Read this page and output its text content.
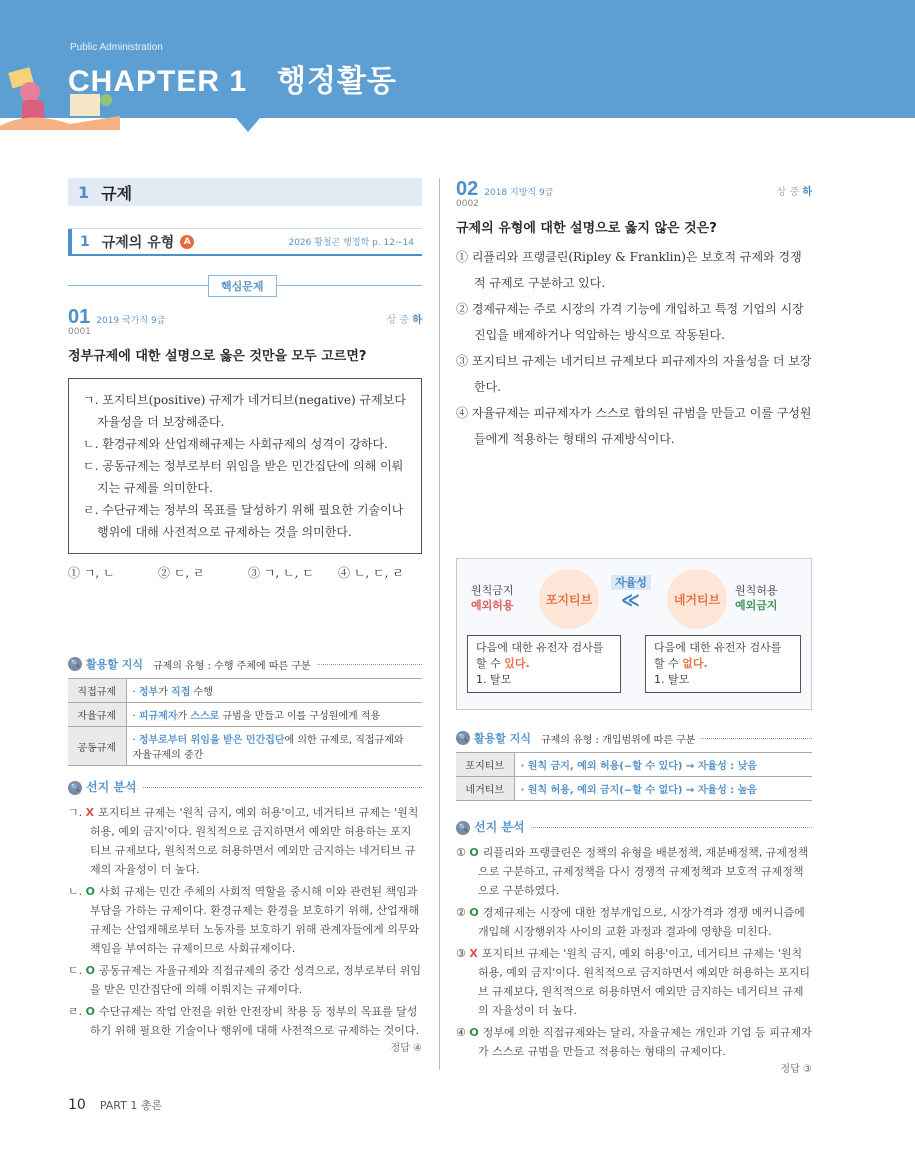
Public Administration
CHAPTER 1 행정활동
1 규제
1 규제의 유형	A	2026 황철곤 행정학 p. 12~14
핵심문제
01 2019 국가직 9급	상 중 하
0001
정부규제에 대한 설명으로 옳은 것만을 모두 고르면?
ㄱ. 포지티브(positive) 규제가 네거티브(negative) 규제보다 자율성을 더 보장해준다.
ㄴ. 환경규제와 산업재해규제는 사회규제의 성격이 강하다.
ㄷ. 공동규제는 정부로부터 위임을 받은 민간집단에 의해 이뤄지는 규제를 의미한다.
ㄹ. 수단규제는 정부의 목표를 달성하기 위해 필요한 기술이나 행위에 대해 사전적으로 규제하는 것을 의미한다.
① ㄱ, ㄴ	② ㄷ, ㄹ	③ ㄱ, ㄴ, ㄷ ④ ㄴ, ㄷ, ㄹ
🔍 활용할 지식 규제의 유형 : 수행 주체에 따른 구분
직접규제	· 정부가 직접 수행
자율규제	· 피규제자가 스스로 규범을 만들고 이를 구성원에게 적용
공동규제	· 정부로부터 위임을 받은 민간집단에 의한 규제로, 직접규제와 자율규제의 중간
🔍 선지 분석
ㄱ. X 포지티브 규제는 '원칙 금지, 예외 허용'이고, 네거티브 규제는 '원칙 허용, 예외 금지'이다. 원칙적으로 금지하면서 예외만 허용하는 포지티브 규제보다, 원칙적으로 허용하면서 예외만 금지하는 네거티브 규제의 자율성이 더 높다.
ㄴ. O 사회 규제는 민간 주체의 사회적 역할을 중시해 이와 관련된 책임과 부담을 가하는 규제이다. 환경규제는 환경을 보호하기 위해, 산업재해규제는 산업재해로부터 노동자를 보호하기 위해 관계자들에게 의무와 책임을 부여하는 규제이므로 사회규제이다.
ㄷ. O 공동규제는 자율규제와 직접규제의 중간 성격으로, 정부로부터 위임을 받은 민간집단에 의해 이뤄지는 규제이다.
ㄹ. O 수단규제는 작업 안전을 위한 안전장비 착용 등 정부의 목표를 달성하기 위해 필요한 기술이나 행위에 대해 사전적으로 규제하는 것이다.
정답 ④
02 2018 지방직 9급	상 중 하
0002
규제의 유형에 대한 설명으로 옳지 않은 것은?
① 리플리와 프랭클린(Ripley & Franklin)은 보호적 규제와 경쟁적 규제로 구분하고 있다.
② 경제규제는 주로 시장의 가격 기능에 개입하고 특정 기업의 시장 진입을 배제하거나 억압하는 방식으로 작동된다.
③ 포지티브 규제는 네거티브 규제보다 피규제자의 자율성을 더 보장한다.
④ 자율규제는 피규제자가 스스로 합의된 규범을 만들고 이를 구성원들에게 적용하는 형태의 규제방식이다.
원칙금지
예외허용	포지티브
자율성
≪	네거티브
원칙허용
예외금지
다음에 대한 유전자 검사를
할 수 있다.
1. 탈모
다음에 대한 유전자 검사를
할 수 없다.
1. 탈모
🔍 활용할 지식 규제의 유형 : 개입범위에 따른 구분
포지티브	· 원칙 금지, 예외 허용(~할 수 있다) → 자율성 : 낮음
네거티브	· 원칙 허용, 예외 금지(~할 수 없다) → 자율성 : 높음
🔍 선지 분석
① O 리플리와 프랭클린은 정책의 유형을 배분정책, 재분배정책, 규제정책으로 구분하고, 규제정책을 다시 경쟁적 규제정책과 보호적 규제정책으로 구분하였다.
② O 경제규제는 시장에 대한 정부개입으로, 시장가격과 경쟁 메커니즘에 개입해 시장행위자 사이의 교환 과정과 결과에 영향을 미친다.
③ X 포지티브 규제는 '원칙 금지, 예외 허용'이고, 네거티브 규제는 '원칙 허용, 예외 금지'이다. 원칙적으로 금지하면서 예외만 허용하는 포지티브 규제보다, 원칙적으로 허용하면서 예외만 금지하는 네거티브 규제의 자율성이 더 높다.
④ O 정부에 의한 직접규제와는 달리, 자율규제는 개인과 기업 등 피규제자가 스스로 규범을 만들고 적용하는 형태의 규제이다.
정답 ③
10 PART 1 총론
